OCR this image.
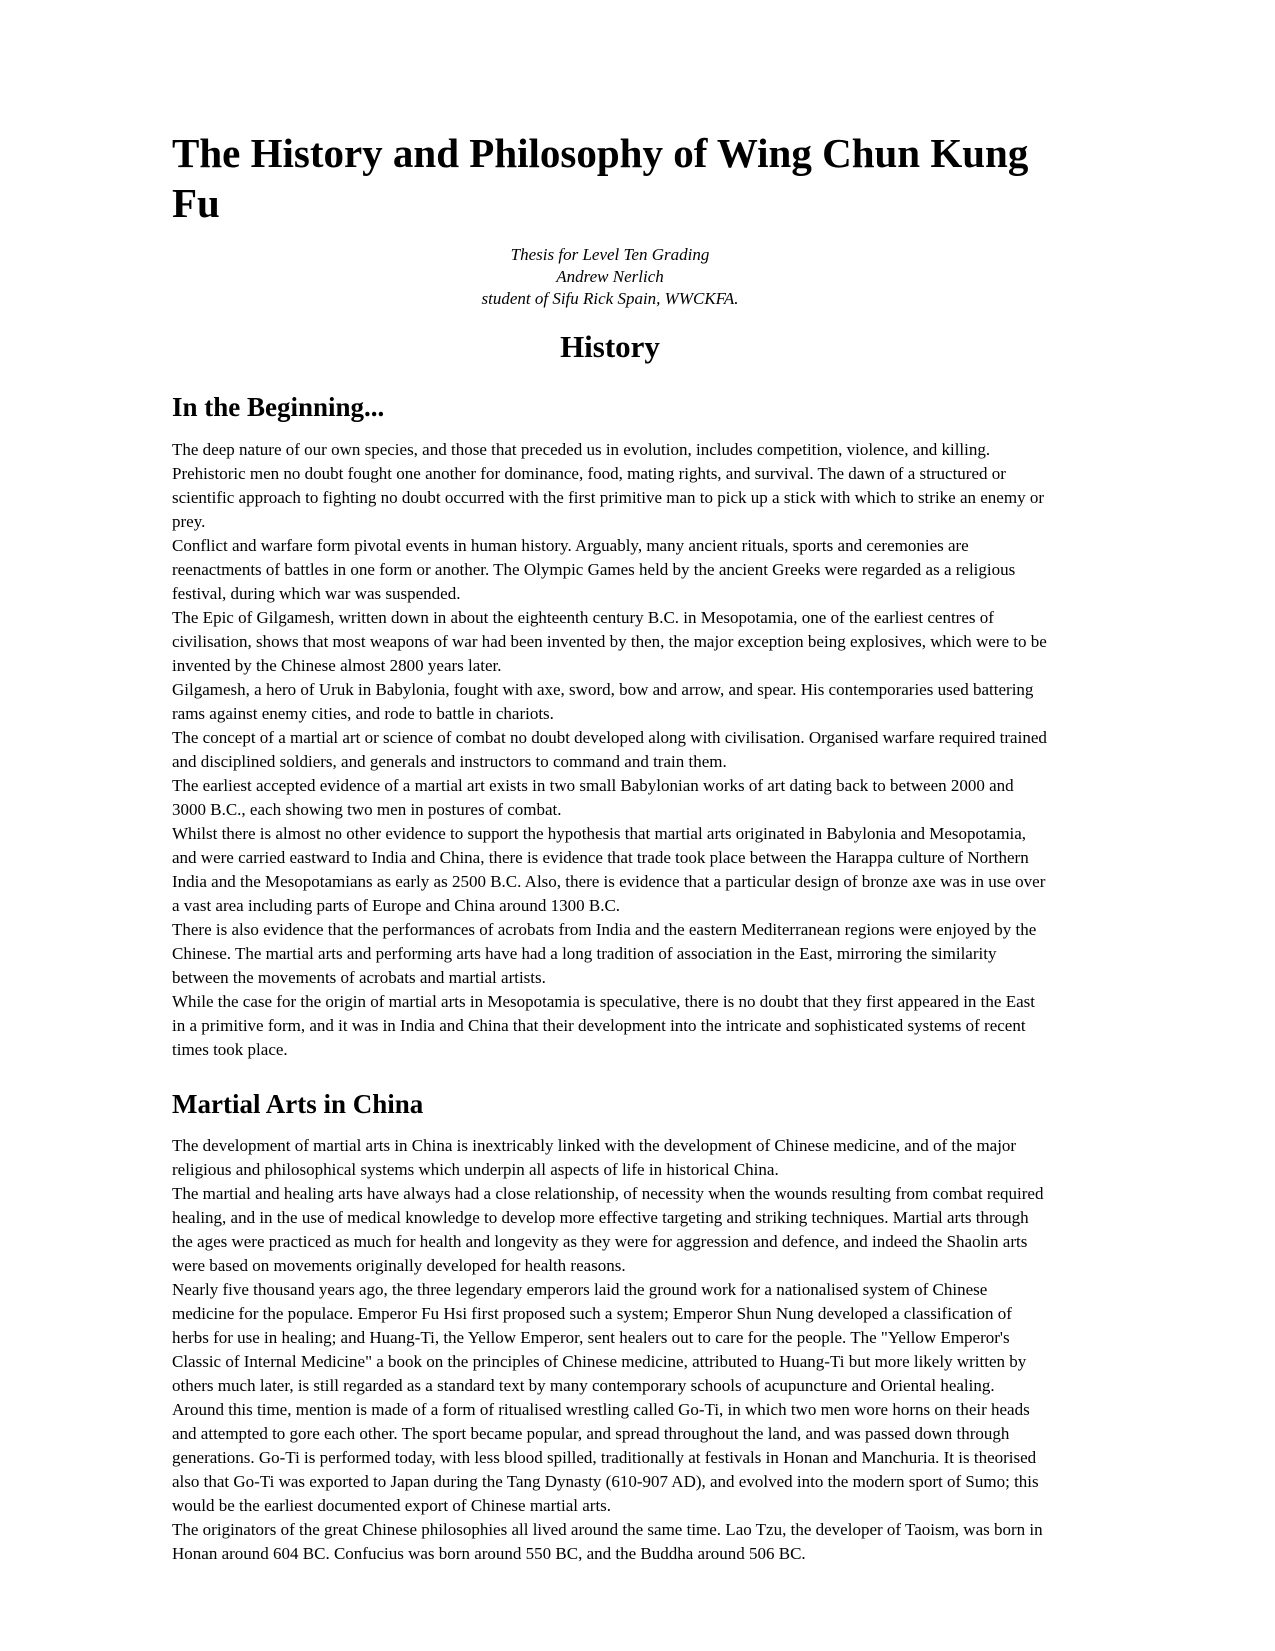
The History and Philosophy of Wing Chun Kung Fu
Thesis for Level Ten Grading
Andrew Nerlich
student of Sifu Rick Spain, WWCKFA.
History
In the Beginning...

The deep nature of our own species, and those that preceded us in evolution, includes competition, violence, and killing. Prehistoric men no doubt fought one another for dominance, food, mating rights, and survival. The dawn of a structured or scientific approach to fighting no doubt occurred with the first primitive man to pick up a stick with which to strike an enemy or prey.

Conflict and warfare form pivotal events in human history. Arguably, many ancient rituals, sports and ceremonies are reenactments of battles in one form or another. The Olympic Games held by the ancient Greeks were regarded as a religious festival, during which war was suspended.

The Epic of Gilgamesh, written down in about the eighteenth century B.C. in Mesopotamia, one of the earliest centres of civilisation, shows that most weapons of war had been invented by then, the major exception being explosives, which were to be invented by the Chinese almost 2800 years later.

Gilgamesh, a hero of Uruk in Babylonia, fought with axe, sword, bow and arrow, and spear. His contemporaries used battering rams against enemy cities, and rode to battle in chariots.

The concept of a martial art or science of combat no doubt developed along with civilisation. Organised warfare required trained and disciplined soldiers, and generals and instructors to command and train them.

The earliest accepted evidence of a martial art exists in two small Babylonian works of art dating back to between 2000 and 3000 B.C., each showing two men in postures of combat.

Whilst there is almost no other evidence to support the hypothesis that martial arts originated in Babylonia and Mesopotamia, and were carried eastward to India and China, there is evidence that trade took place between the Harappa culture of Northern India and the Mesopotamians as early as 2500 B.C. Also, there is evidence that a particular design of bronze axe was in use over a vast area including parts of Europe and China around 1300 B.C.

There is also evidence that the performances of acrobats from India and the eastern Mediterranean regions were enjoyed by the Chinese. The martial arts and performing arts have had a long tradition of association in the East, mirroring the similarity between the movements of acrobats and martial artists.

While the case for the origin of martial arts in Mesopotamia is speculative, there is no doubt that they first appeared in the East in a primitive form, and it was in India and China that their development into the intricate and sophisticated systems of recent times took place.

Martial Arts in China

The development of martial arts in China is inextricably linked with the development of Chinese medicine, and of the major religious and philosophical systems which underpin all aspects of life in historical China.

The martial and healing arts have always had a close relationship, of necessity when the wounds resulting from combat required healing, and in the use of medical knowledge to develop more effective targeting and striking techniques. Martial arts through the ages were practiced as much for health and longevity as they were for aggression and defence, and indeed the Shaolin arts were based on movements originally developed for health reasons.

Nearly five thousand years ago, the three legendary emperors laid the ground work for a nationalised system of Chinese medicine for the populace. Emperor Fu Hsi first proposed such a system; Emperor Shun Nung developed a classification of herbs for use in healing; and Huang-Ti, the Yellow Emperor, sent healers out to care for the people. The "Yellow Emperor's Classic of Internal Medicine" a book on the principles of Chinese medicine, attributed to Huang-Ti but more likely written by others much later, is still regarded as a standard text by many contemporary schools of acupuncture and Oriental healing.

Around this time, mention is made of a form of ritualised wrestling called Go-Ti, in which two men wore horns on their heads and attempted to gore each other. The sport became popular, and spread throughout the land, and was passed down through generations. Go-Ti is performed today, with less blood spilled, traditionally at festivals in Honan and Manchuria. It is theorised also that Go-Ti was exported to Japan during the Tang Dynasty (610-907 AD), and evolved into the modern sport of Sumo; this would be the earliest documented export of Chinese martial arts.

The originators of the great Chinese philosophies all lived around the same time. Lao Tzu, the developer of Taoism, was born in Honan around 604 BC. Confucius was born around 550 BC, and the Buddha around 506 BC.
